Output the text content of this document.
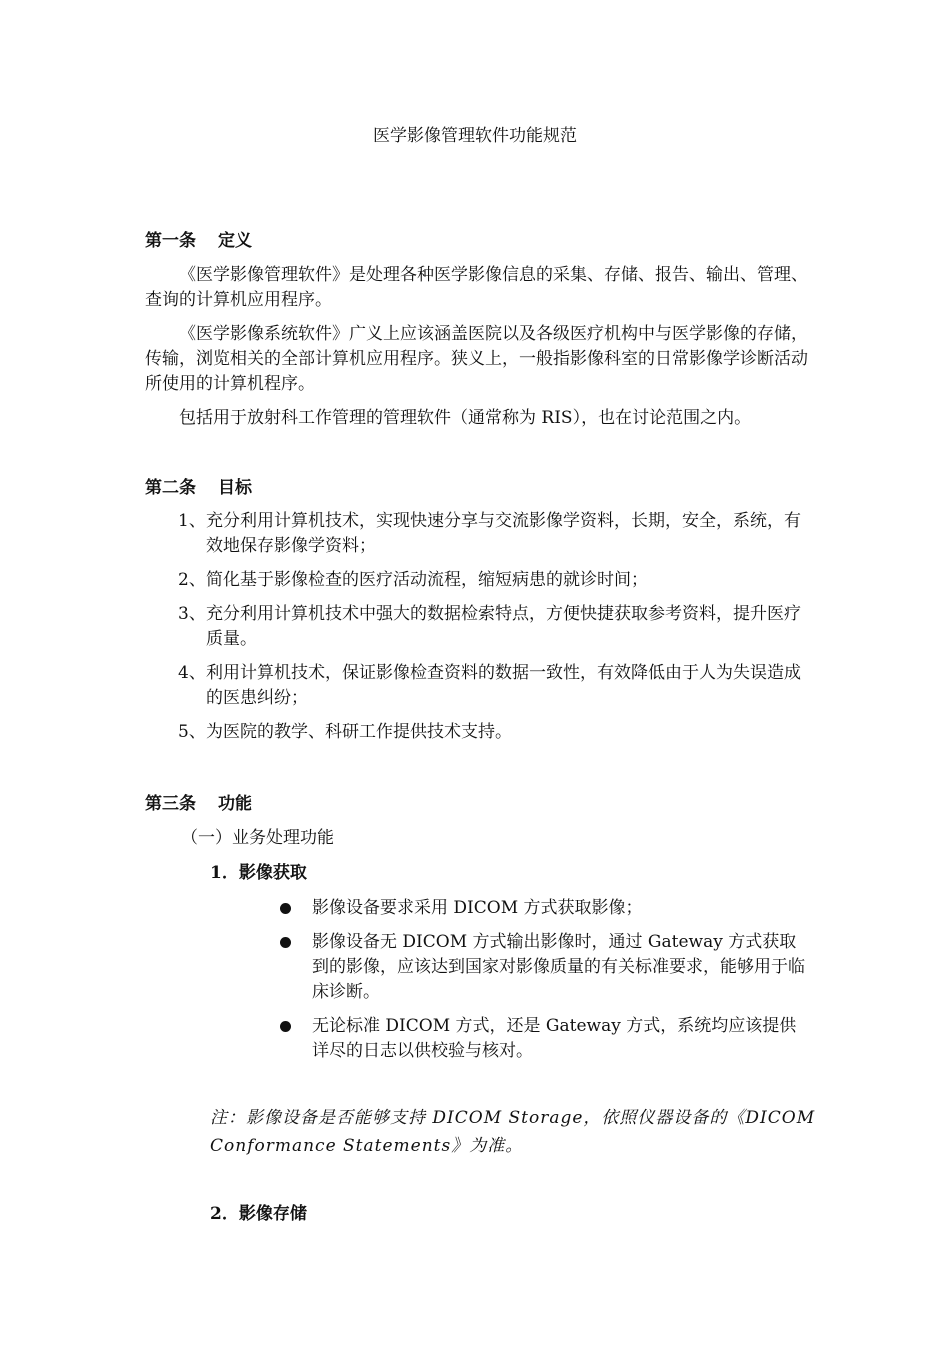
医学影像管理软件功能规范
第一条 定义
《医学影像管理软件》是处理各种医学影像信息的采集、存储、报告、输出、管理、查询的计算机应用程序。
《医学影像系统软件》广义上应该涵盖医院以及各级医疗机构中与医学影像的存储，传输，浏览相关的全部计算机应用程序。狭义上，一般指影像科室的日常影像学诊断活动所使用的计算机程序。
包括用于放射科工作管理的管理软件（通常称为 RIS），也在讨论范围之内。
第二条 目标
1、 充分利用计算机技术，实现快速分享与交流影像学资料，长期，安全，系统，有效地保存影像学资料；
2、 简化基于影像检查的医疗活动流程，缩短病患的就诊时间；
3、 充分利用计算机技术中强大的数据检索特点，方便快捷获取参考资料，提升医疗质量。
4、 利用计算机技术，保证影像检查资料的数据一致性，有效降低由于人为失误造成的医患纠纷；
5、 为医院的教学、科研工作提供技术支持。
第三条 功能
（一）业务处理功能
1．影像获取
影像设备要求采用 DICOM 方式获取影像；
影像设备无 DICOM 方式输出影像时，通过 Gateway 方式获取到的影像，应该达到国家对影像质量的有关标准要求，能够用于临床诊断。
无论标准 DICOM 方式，还是 Gateway 方式，系统均应该提供详尽的日志以供校验与核对。
注：影像设备是否能够支持 DICOM Storage，依照仪器设备的《DICOM Conformance Statements》为准。
2．影像存储
